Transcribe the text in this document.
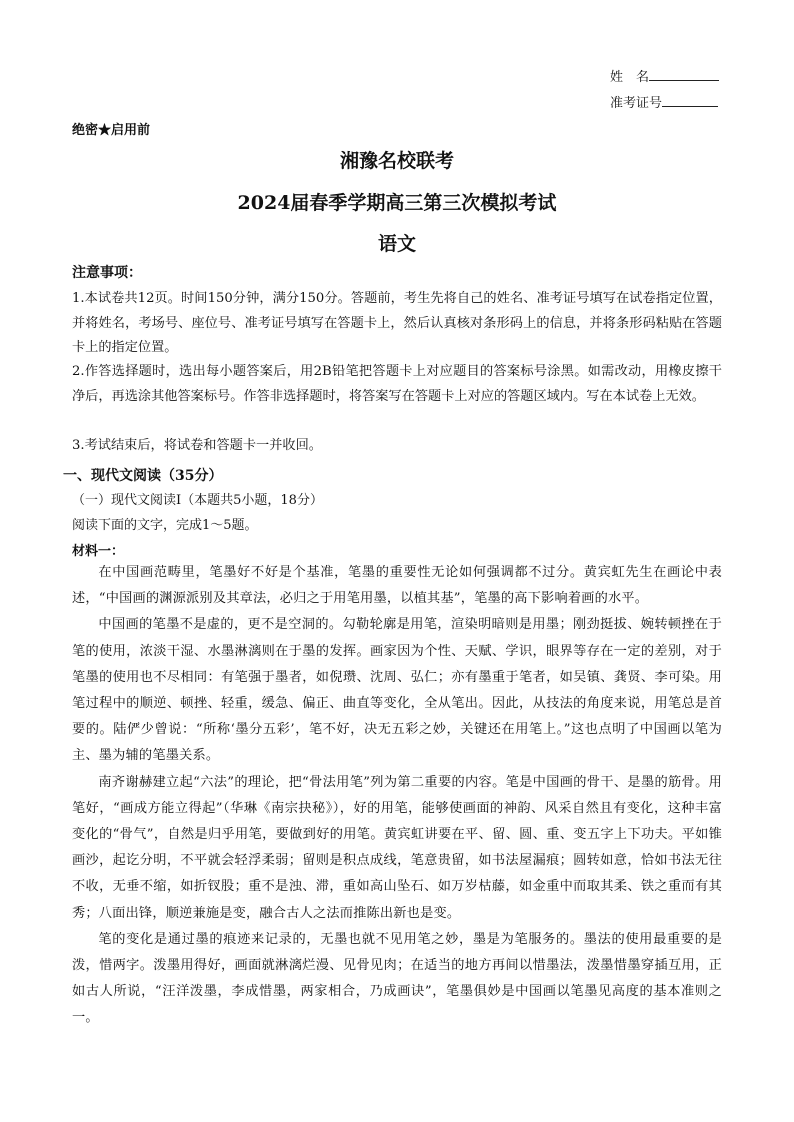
姓　名
准考证号
绝密★启用前
湘豫名校联考
2024届春季学期高三第三次模拟考试
语文
注意事项：
1.本试卷共12页。时间150分钟，满分150分。答题前，考生先将自己的姓名、准考证号填写在试卷指定位置，并将姓名，考场号、座位号、准考证号填写在答题卡上，然后认真核对条形码上的信息，并将条形码粘贴在答题卡上的指定位置。
2.作答选择题时，选出每小题答案后，用2B铅笔把答题卡上对应题目的答案标号涂黑。如需改动，用橡皮擦干净后，再选涂其他答案标号。作答非选择题时，将答案写在答题卡上对应的答题区域内。写在本试卷上无效。
3.考试结束后，将试卷和答题卡一并收回。
一、现代文阅读（35分）
（一）现代文阅读Ⅰ（本题共5小题，18分）
阅读下面的文字，完成1～5题。
材料一：

在中国画范畴里，笔墨好不好是个基准，笔墨的重要性无论如何强调都不过分。黄宾虹先生在画论中表述，“中国画的渊源派别及其章法，必归之于用笔用墨，以植其基”，笔墨的高下影响着画的水平。

中国画的笔墨不是虚的，更不是空洞的。勾勒轮廓是用笔，渲染明暗则是用墨；刚劲挺拔、婉转顿挫在于笔的使用，浓淡干湿、水墨淋漓则在于墨的发挥。画家因为个性、天赋、学识，眼界等存在一定的差别，对于笔墨的使用也不尽相同：有笔强于墨者，如倪瓒、沈周、弘仁；亦有墨重于笔者，如吴镇、龚贤、李可染。用笔过程中的顺逆、顿挫、轻重，缓急、偏正、曲直等变化，全从笔出。因此，从技法的角度来说，用笔总是首要的。陆俨少曾说：“所称‘墨分五彩’，笔不好，决无五彩之妙，关键还在用笔上。”这也点明了中国画以笔为主、墨为辅的笔墨关系。

南齐谢赫建立起“六法”的理论，把“骨法用笔”列为第二重要的内容。笔是中国画的骨干、是墨的筋骨。用笔好，“画成方能立得起”（华琳《南宗抉秘》），好的用笔，能够使画面的神韵、风采自然且有变化，这种丰富变化的“骨气”，自然是归乎用笔，要做到好的用笔。黄宾虹讲要在平、留、圆、重、变五字上下功夫。平如锥画沙，起讫分明，不平就会轻浮柔弱；留则是积点成线，笔意贵留，如书法屋漏痕；圆转如意，恰如书法无往不收，无垂不缩，如折钗股；重不是浊、滞，重如高山坠石、如万岁枯藤，如金重中而取其柔、铁之重而有其秀；八面出锋，顺逆兼施是变，融合古人之法而推陈出新也是变。

笔的变化是通过墨的痕迹来记录的，无墨也就不见用笔之妙，墨是为笔服务的。墨法的使用最重要的是泼，惜两字。泼墨用得好，画面就淋漓烂漫、见骨见肉；在适当的地方再间以惜墨法，泼墨惜墨穿插互用，正如古人所说，“汪洋泼墨，李成惜墨，两家相合，乃成画诀”，笔墨俱妙是中国画以笔墨见高度的基本准则之一。
